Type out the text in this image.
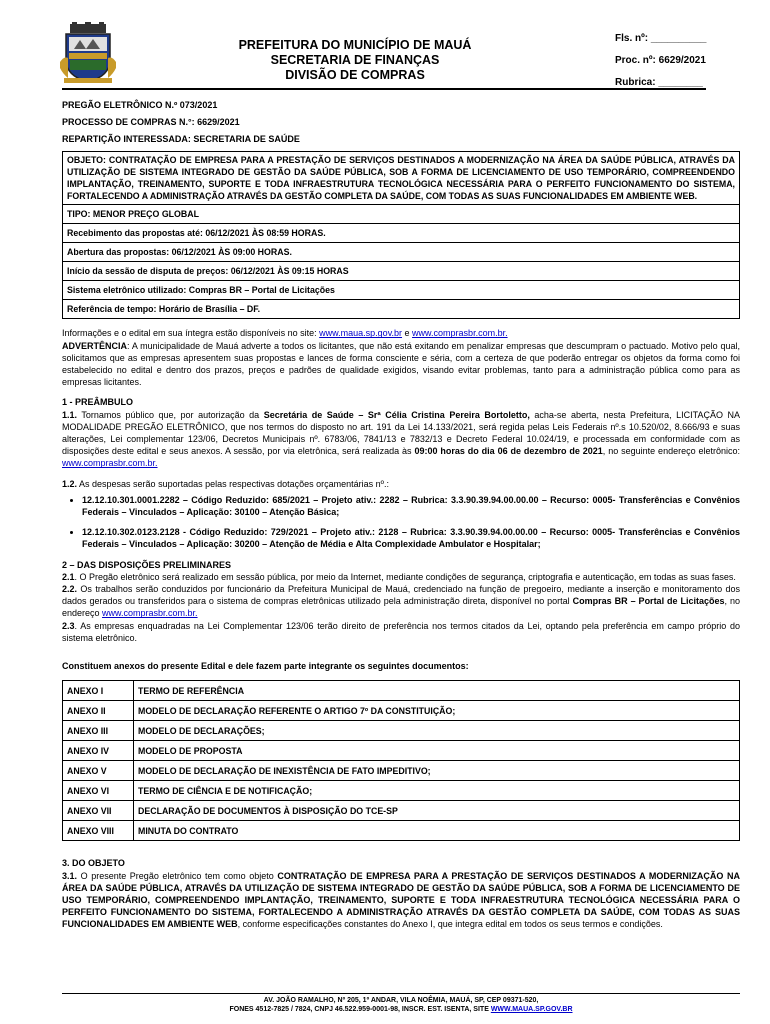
PREFEITURA DO MUNICÍPIO DE MAUÁ
SECRETARIA DE FINANÇAS
DIVISÃO DE COMPRAS
Fls. nº: __________
Proc. nº: 6629/2021
Rubrica: ________
PREGÃO ELETRÔNICO N.º 073/2021
PROCESSO DE COMPRAS N.°: 6629/2021
REPARTIÇÃO INTERESSADA: SECRETARIA DE SAÚDE
OBJETO: CONTRATAÇÃO DE EMPRESA PARA A PRESTAÇÃO DE SERVIÇOS DESTINADOS A MODERNIZAÇÃO NA ÁREA DA SAÚDE PÚBLICA, ATRAVÉS DA UTILIZAÇÃO DE SISTEMA INTEGRADO DE GESTÃO DA SAÚDE PÚBLICA, SOB A FORMA DE LICENCIAMENTO DE USO TEMPORÁRIO, COMPREENDENDO IMPLANTAÇÃO, TREINAMENTO, SUPORTE E TODA INFRAESTRUTURA TECNOLÓGICA NECESSÁRIA PARA O PERFEITO FUNCIONAMENTO DO SISTEMA, FORTALECENDO A ADMINISTRAÇÃO ATRAVÉS DA GESTÃO COMPLETA DA SAÚDE, COM TODAS AS SUAS FUNCIONALIDADES EM AMBIENTE WEB.
TIPO: MENOR PREÇO GLOBAL
Recebimento das propostas até: 06/12/2021 ÀS 08:59 HORAS.
Abertura das propostas: 06/12/2021 ÀS 09:00 HORAS.
Início da sessão de disputa de preços: 06/12/2021 ÀS 09:15 HORAS
Sistema eletrônico utilizado: Compras BR – Portal de Licitações
Referência de tempo: Horário de Brasília – DF.

Informações e o edital em sua íntegra estão disponíveis no site: www.maua.sp.gov.br e www.comprasbr.com.br.

ADVERTÊNCIA: A municipalidade de Mauá adverte a todos os licitantes, que não está exitando em penalizar empresas que descumpram o pactuado. Motivo pelo qual, solicitamos que as empresas apresentem suas propostas e lances de forma consciente e séria, com a certeza de que poderão entregar os objetos da forma como foi estabelecido no edital e dentro dos prazos, preços e padrões de qualidade exigidos, visando evitar problemas, tanto para a administração pública como para as empresas licitantes.

1 - PREÂMBULO

1.1. Tornamos público que, por autorização da Secretária de Saúde – Srª Célia Cristina Pereira Bortoletto, acha-se aberta, nesta Prefeitura, LICITAÇÃO NA MODALIDADE PREGÃO ELETRÔNICO, que nos termos do disposto no art. 191 da Lei 14.133/2021, será regida pelas Leis Federais nº.s 10.520/02, 8.666/93 e suas alterações, Lei complementar 123/06, Decretos Municipais nº. 6783/06, 7841/13 e 7832/13 e Decreto Federal 10.024/19, e processada em conformidade com as disposições deste edital e seus anexos. A sessão, por via eletrônica, será realizada às 09:00 horas do dia 06 de dezembro de 2021, no seguinte endereço eletrônico: www.comprasbr.com.br.

1.2. As despesas serão suportadas pelas respectivas dotações orçamentárias nº.:

• 12.12.10.301.0001.2282 – Código Reduzido: 685/2021 – Projeto ativ.: 2282 – Rubrica: 3.3.90.39.94.00.00.00 – Recurso: 0005- Transferências e Convênios Federais – Vinculados – Aplicação: 30100 – Atenção Básica;
• 12.12.10.302.0123.2128 - Código Reduzido: 729/2021 – Projeto ativ.: 2128 – Rubrica: 3.3.90.39.94.00.00.00 – Recurso: 0005- Transferências e Convênios Federais – Vinculados – Aplicação: 30200 – Atenção de Média e Alta Complexidade Ambulator e Hospitalar;

2 – DAS DISPOSIÇÕES PRELIMINARES

2.1. O Pregão eletrônico será realizado em sessão pública, por meio da Internet, mediante condições de segurança, criptografia e autenticação, em todas as suas fases.

2.2. Os trabalhos serão conduzidos por funcionário da Prefeitura Municipal de Mauá, credenciado na função de pregoeiro, mediante a inserção e monitoramento dos dados gerados ou transferidos para o sistema de compras eletrônicas utilizado pela administração direta, disponível no portal Compras BR – Portal de Licitações, no endereço www.comprasbr.com.br.

2.3. As empresas enquadradas na Lei Complementar 123/06 terão direito de preferência nos termos citados da Lei, optando pela preferência em campo próprio do sistema eletrônico.

Constituem anexos do presente Edital e dele fazem parte integrante os seguintes documentos:

ANEXO I	TERMO DE REFERÊNCIA
ANEXO II	MODELO DE DECLARAÇÃO REFERENTE O ARTIGO 7º DA CONSTITUIÇÃO;
ANEXO III	MODELO DE DECLARAÇÕES;
ANEXO IV	MODELO DE PROPOSTA
ANEXO V	MODELO DE DECLARAÇÃO DE INEXISTÊNCIA DE FATO IMPEDITIVO;
ANEXO VI	TERMO DE CIÊNCIA E DE NOTIFICAÇÃO;
ANEXO VII	DECLARAÇÃO DE DOCUMENTOS À DISPOSIÇÃO DO TCE-SP
ANEXO VIII	MINUTA DO CONTRATO

3. DO OBJETO

3.1. O presente Pregão eletrônico tem como objeto CONTRATAÇÃO DE EMPRESA PARA A PRESTAÇÃO DE SERVIÇOS DESTINADOS A MODERNIZAÇÃO NA ÁREA DA SAÚDE PÚBLICA, ATRAVÉS DA UTILIZAÇÃO DE SISTEMA INTEGRADO DE GESTÃO DA SAÚDE PÚBLICA, SOB A FORMA DE LICENCIAMENTO DE USO TEMPORÁRIO, COMPREENDENDO IMPLANTAÇÃO, TREINAMENTO, SUPORTE E TODA INFRAESTRUTURA TECNOLÓGICA NECESSÁRIA PARA O PERFEITO FUNCIONAMENTO DO SISTEMA, FORTALECENDO A ADMINISTRAÇÃO ATRAVÉS DA GESTÃO COMPLETA DA SAÚDE, COM TODAS AS SUAS FUNCIONALIDADES EM AMBIENTE WEB, conforme especificações constantes do Anexo I, que integra edital em todos os seus termos e condições.

AV. JOÃO RAMALHO, Nº 205, 1º ANDAR, VILA NOÊMIA, MAUÁ, SP, CEP 09371-520,
FONES 4512-7825 / 7824, CNPJ 46.522.959-0001-98, INSCR. EST. ISENTA, SITE WWW.MAUA.SP.GOV.BR
